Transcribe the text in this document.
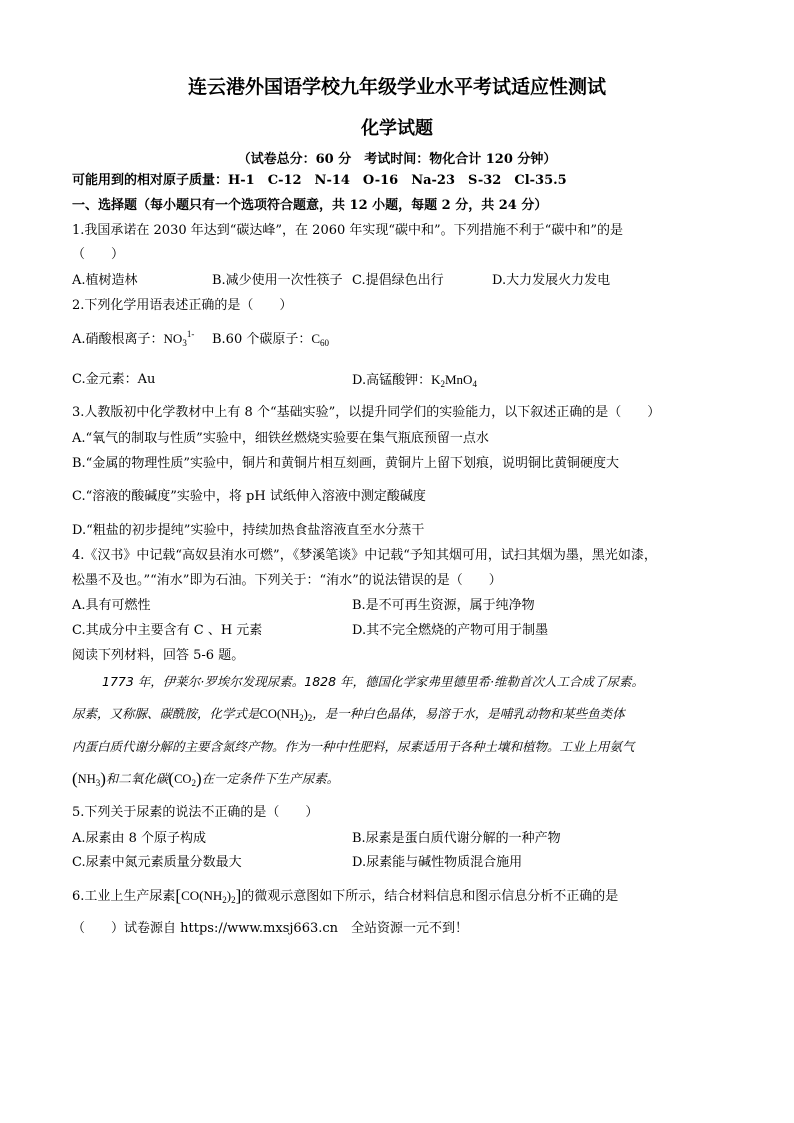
连云港外国语学校九年级学业水平考试适应性测试
化学试题
（试卷总分：60 分　考试时间：物化合计 120 分钟）
可能用到的相对原子质量：H-1　C-12　N-14　O-16　Na-23　S-32　Cl-35.5
一、选择题（每小题只有一个选项符合题意，共 12 小题，每题 2 分，共 24 分）
1.我国承诺在 2030 年达到“碳达峰”，在 2060 年实现“碳中和”。下列措施不利于“碳中和”的是
（　　）
A.植树造林	B.减少使用一次性筷子 C.提倡绿色出行	D.大力发展火力发电
2.下列化学用语表述正确的是（　　）
A.硝酸根离子：$NO_3^{1-}$ B.60 个碳原子：$C_{60}$
C.金元素：Au	D.高锰酸钾：$K_2MnO_4$
3.人教版初中化学教材中上有 8 个“基础实验”，以提升同学们的实验能力，以下叙述正确的是（　　）
A.“氧气的制取与性质”实验中，细铁丝燃烧实验要在集气瓶底预留一点水
B.“金属的物理性质”实验中，铜片和黄铜片相互刻画，黄铜片上留下划痕，说明铜比黄铜硬度大
C.“溶液的酸碱度”实验中，将 pH 试纸伸入溶液中测定酸碱度
D.“粗盐的初步提纯”实验中，持续加热食盐溶液直至水分蒸干
4.《汉书》中记载“高奴县洧水可燃”，《梦溪笔谈》中记载“予知其烟可用，试扫其烟为墨，黑光如漆，
松墨不及也。”“洧水”即为石油。下列关于：“洧水”的说法错误的是（　　）
A.具有可燃性	B.是不可再生资源，属于纯净物
C.其成分中主要含有 C 、H 元素	D.其不完全燃烧的产物可用于制墨
阅读下列材料，回答 5-6 题。
1773 年，伊莱尔·罗埃尔发现尿素。1828 年，德国化学家弗里德里希·维勒首次人工合成了尿素。
尿素，又称脲、碳酰胺，化学式是$CO(NH_2)_2$，是一种白色晶体，易溶于水，是哺乳动物和某些鱼类体
内蛋白质代谢分解的主要含氮终产物。作为一种中性肥料，尿素适用于各种土壤和植物。工业上用氨气
$(NH_3)$和二氧化碳$(CO_2)$在一定条件下生产尿素。
5.下列关于尿素的说法不正确的是（　　）
A.尿素由 8 个原子构成	B.尿素是蛋白质代谢分解的一种产物
C.尿素中氮元素质量分数最大	D.尿素能与碱性物质混合施用
6.工业上生产尿素$[CO(NH_2)_2]$的微观示意图如下所示，结合材料信息和图示信息分析不正确的是
（　　）试卷源自 https://www.mxsj663.cn　全站资源一元不到！
